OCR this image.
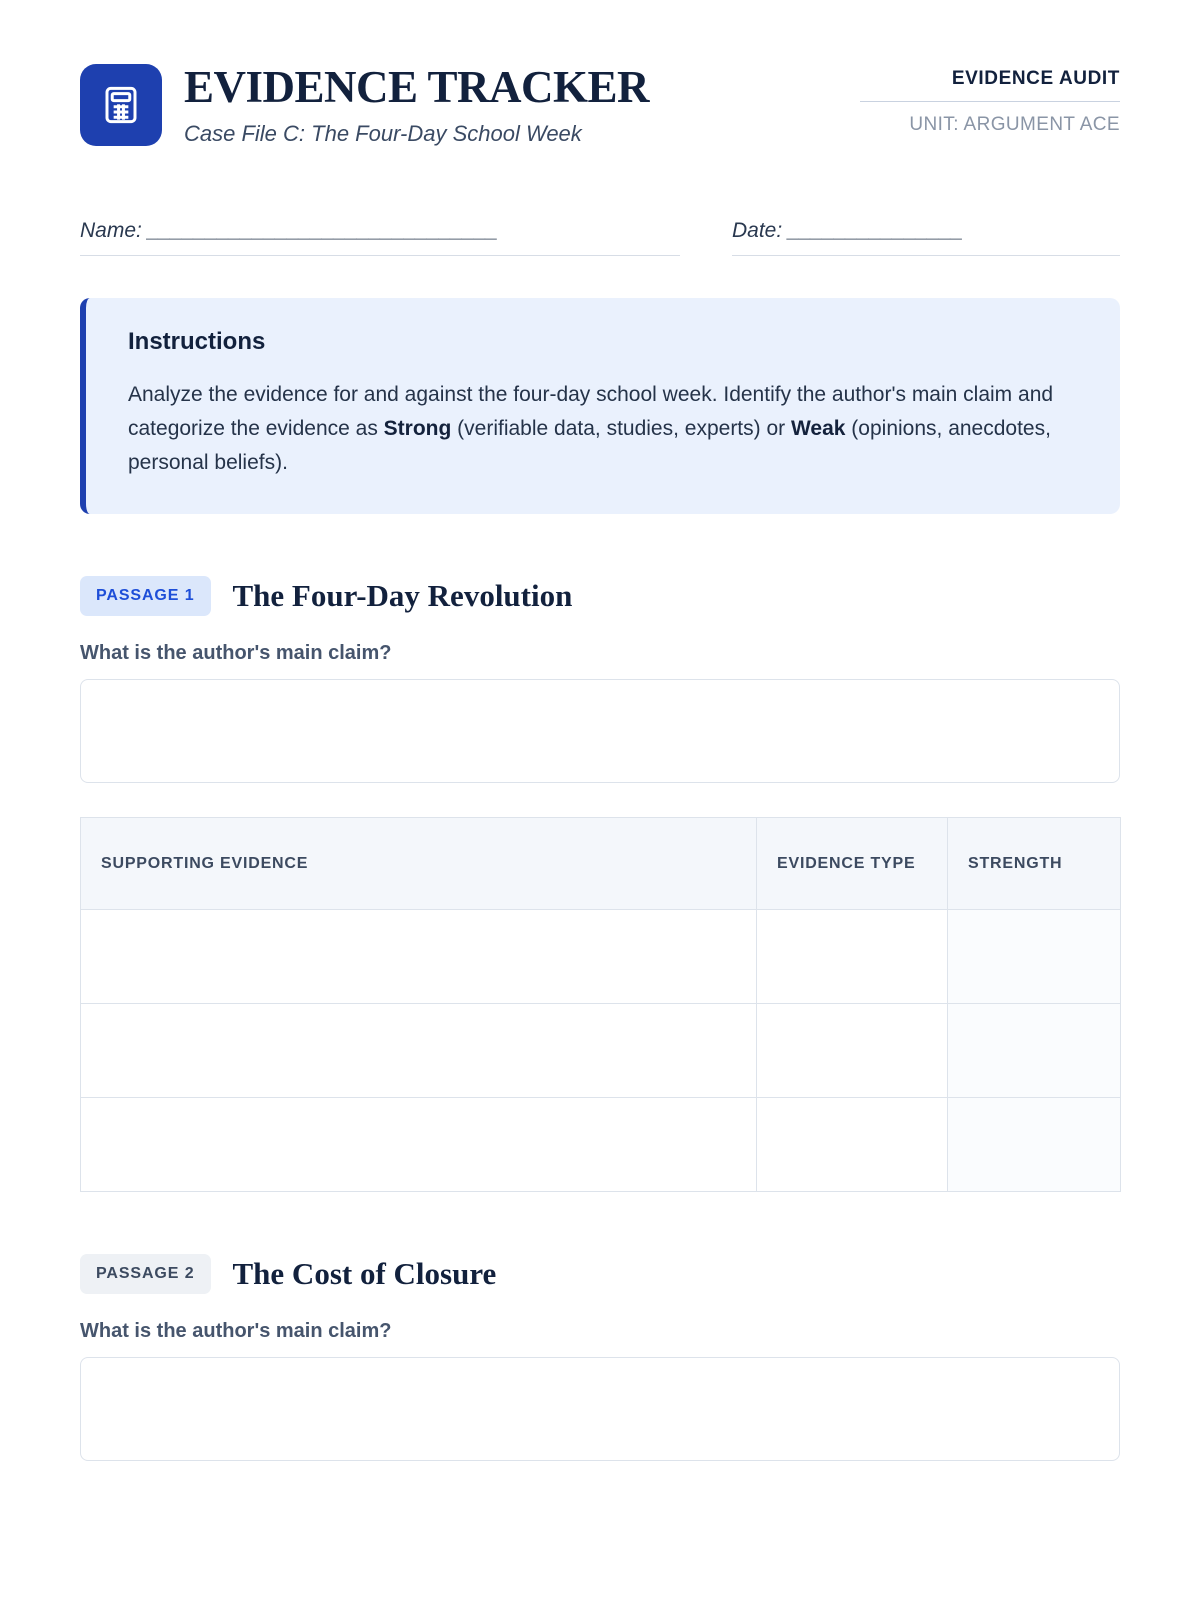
EVIDENCE TRACKER
Case File C: The Four-Day School Week
EVIDENCE AUDIT
UNIT: ARGUMENT ACE
Name: ______________________________	Date: _______________
Instructions

Analyze the evidence for and against the four-day school week. Identify the author's main claim and categorize the evidence as Strong (verifiable data, studies, experts) or Weak (opinions, anecdotes, personal beliefs).

PASSAGE 1	The Four-Day Revolution
What is the author's main claim?
SUPPORTING EVIDENCE	EVIDENCE TYPE	STRENGTH

PASSAGE 2	The Cost of Closure
What is the author's main claim?
